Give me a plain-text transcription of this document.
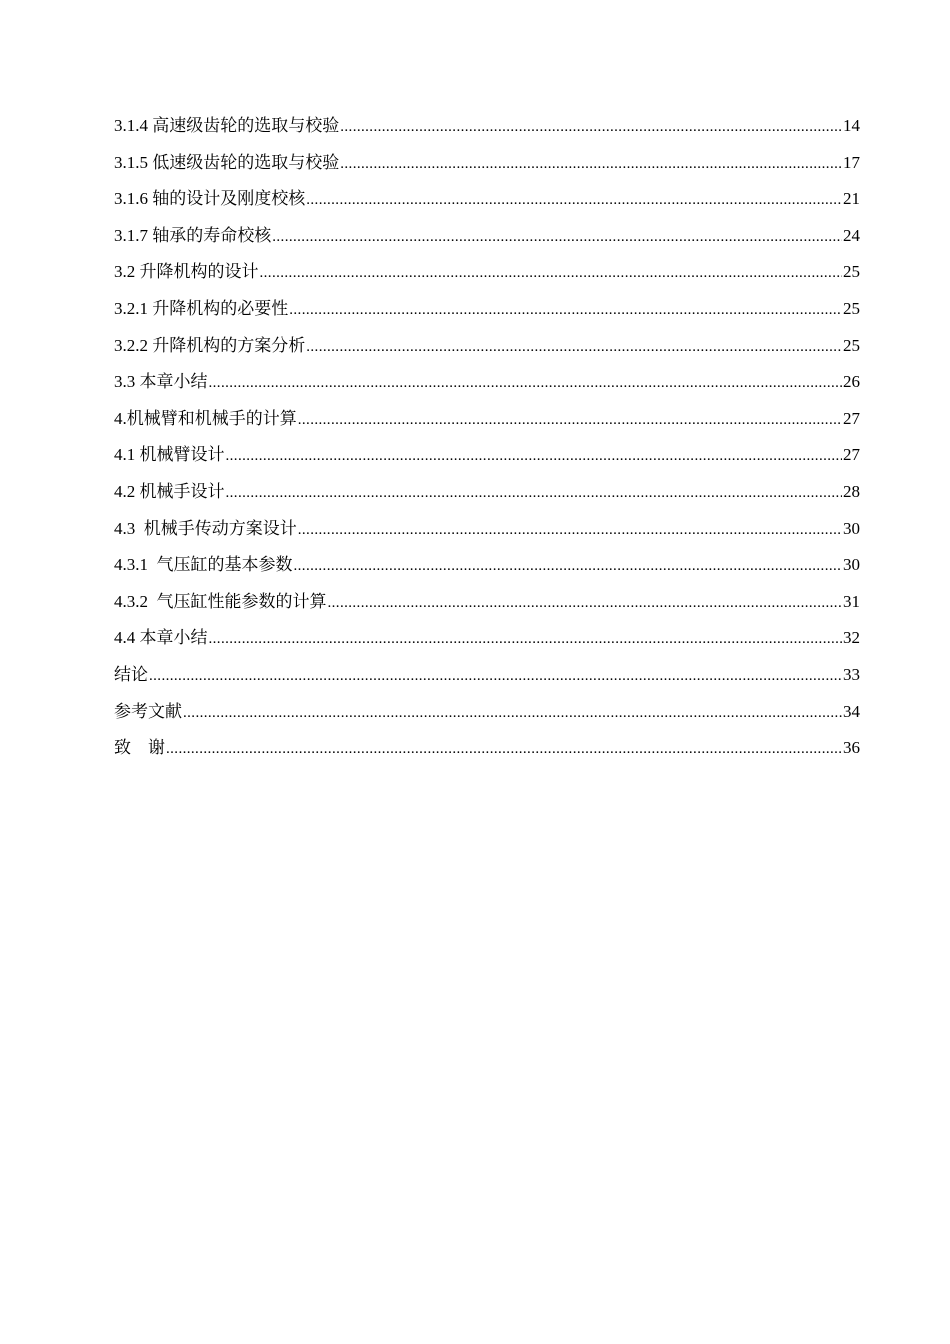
3.1.4 高速级齿轮的选取与校验 .....	14
3.1.5 低速级齿轮的选取与校验 .....	17
3.1.6 轴的设计及刚度校核 .....	21
3.1.7 轴承的寿命校核 .....	24
3.2 升降机构的设计 .....	25
3.2.1 升降机构的必要性 .....	25
3.2.2 升降机构的方案分析 .....	25
3.3 本章小结 .....	26
4.机械臂和机械手的计算 .....	27
4.1 机械臂设计 .....	27
4.2 机械手设计 .....	28
4.3  机械手传动方案设计 .....	30
4.3.1  气压缸的基本参数 .....	30
4.3.2  气压缸性能参数的计算 .....	31
4.4 本章小结 .....	32
结论 .....	33
参考文献 .....	34
致    谢 .....	36
